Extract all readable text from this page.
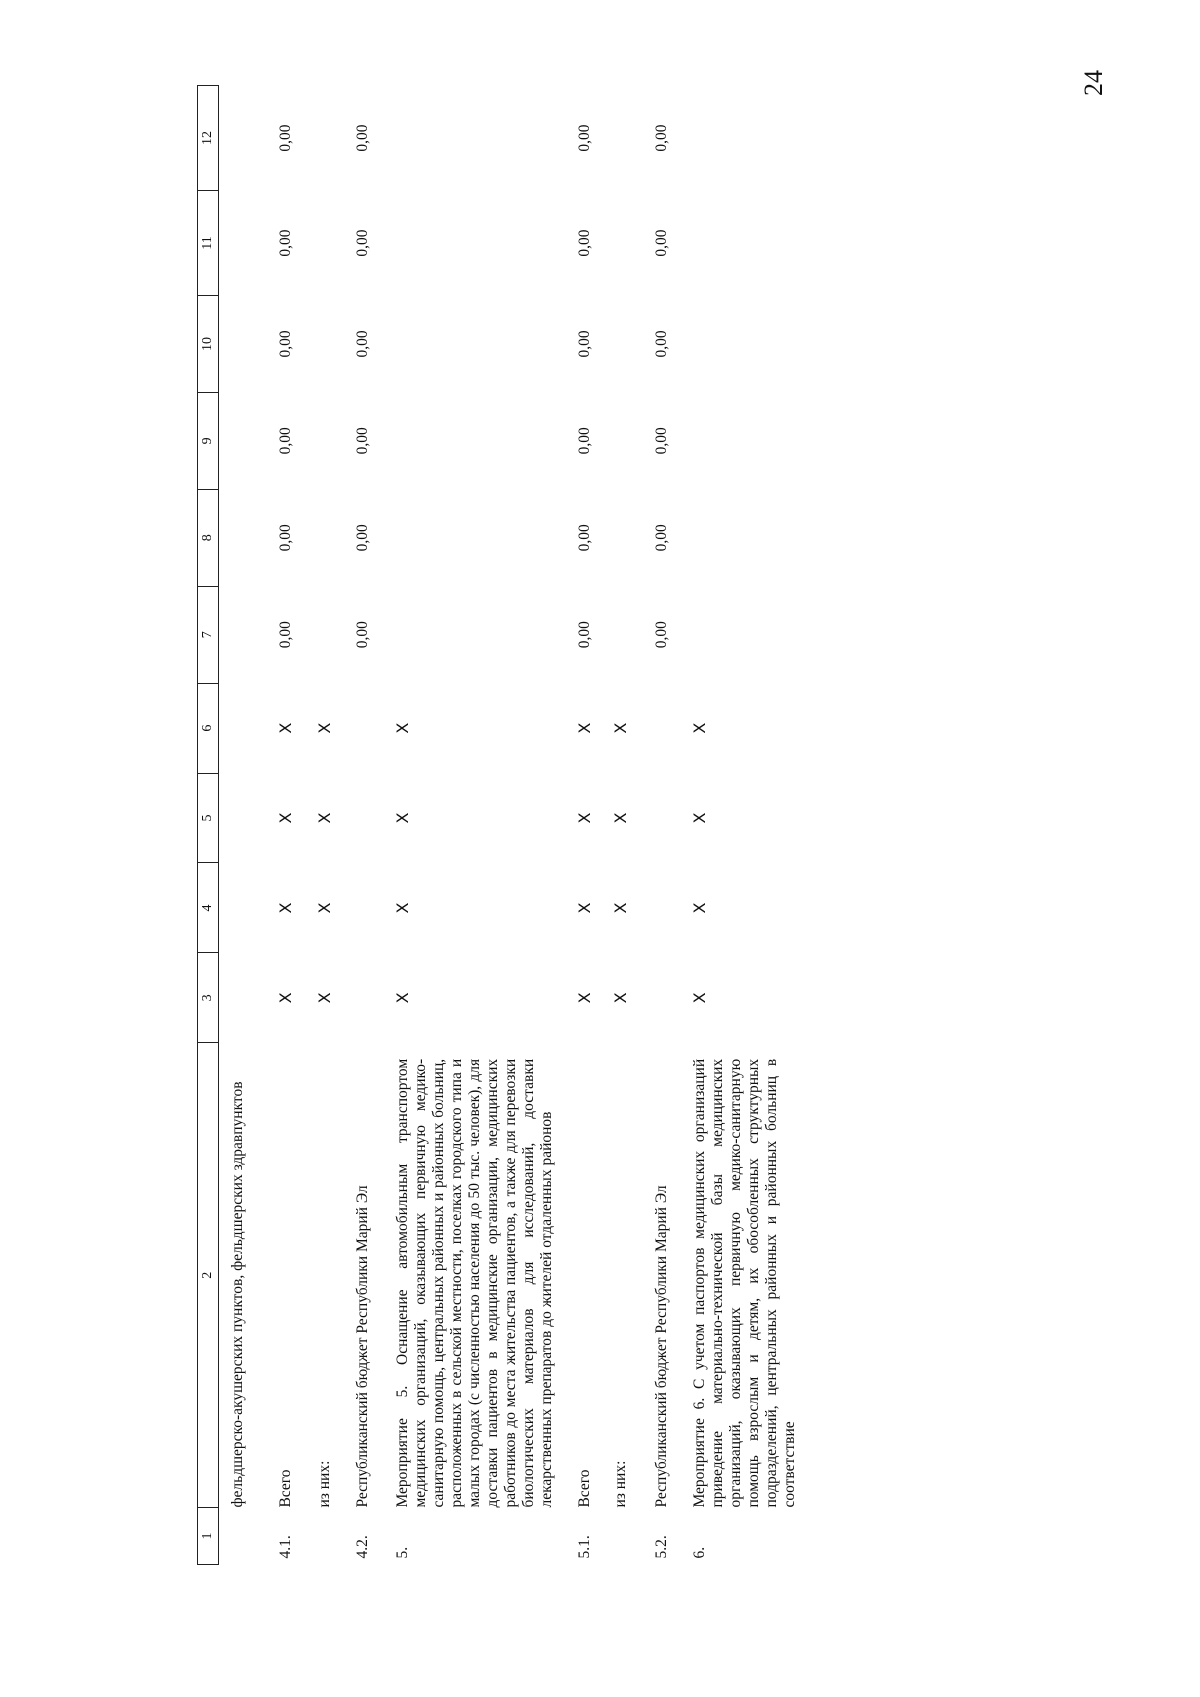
24
1	2	3	4	5	6	7	8	9	10	11	12
	фельдшерско-акушерских пунктов, фельдшерских здравпунктов										
4.1.	Всего	X	X	X	X	0,00	0,00	0,00	0,00	0,00	0,00
	из них:	X	X	X	X						
4.2.	Республиканский бюджет Республики Марий Эл					0,00	0,00	0,00	0,00	0,00	0,00
5.	Мероприятие 5. Оснащение автомобильным транспортом медицинских организаций, оказывающих первичную медико-санитарную помощь, центральных районных и районных больниц, расположенных в сельской местности, поселках городского типа и малых городах (с численностью населения до 50 тыс. человек), для доставки пациентов в медицинские организации, медицинских работников до места жительства пациентов, а также для перевозки биологических материалов для исследований, доставки лекарственных препаратов до жителей отдаленных районов	X	X	X	X						
5.1.	Всего	X	X	X	X	0,00	0,00	0,00	0,00	0,00	0,00
	из них:	X	X	X	X						
5.2.	Республиканский бюджет Республики Марий Эл					0,00	0,00	0,00	0,00	0,00	0,00
6.	Мероприятие 6. С учетом паспортов медицинских организаций приведение материально-технической базы медицинских организаций, оказывающих первичную медико-санитарную помощь взрослым и детям, их обособленных структурных подразделений, центральных районных и районных больниц в соответствие	X	X	X	X						
